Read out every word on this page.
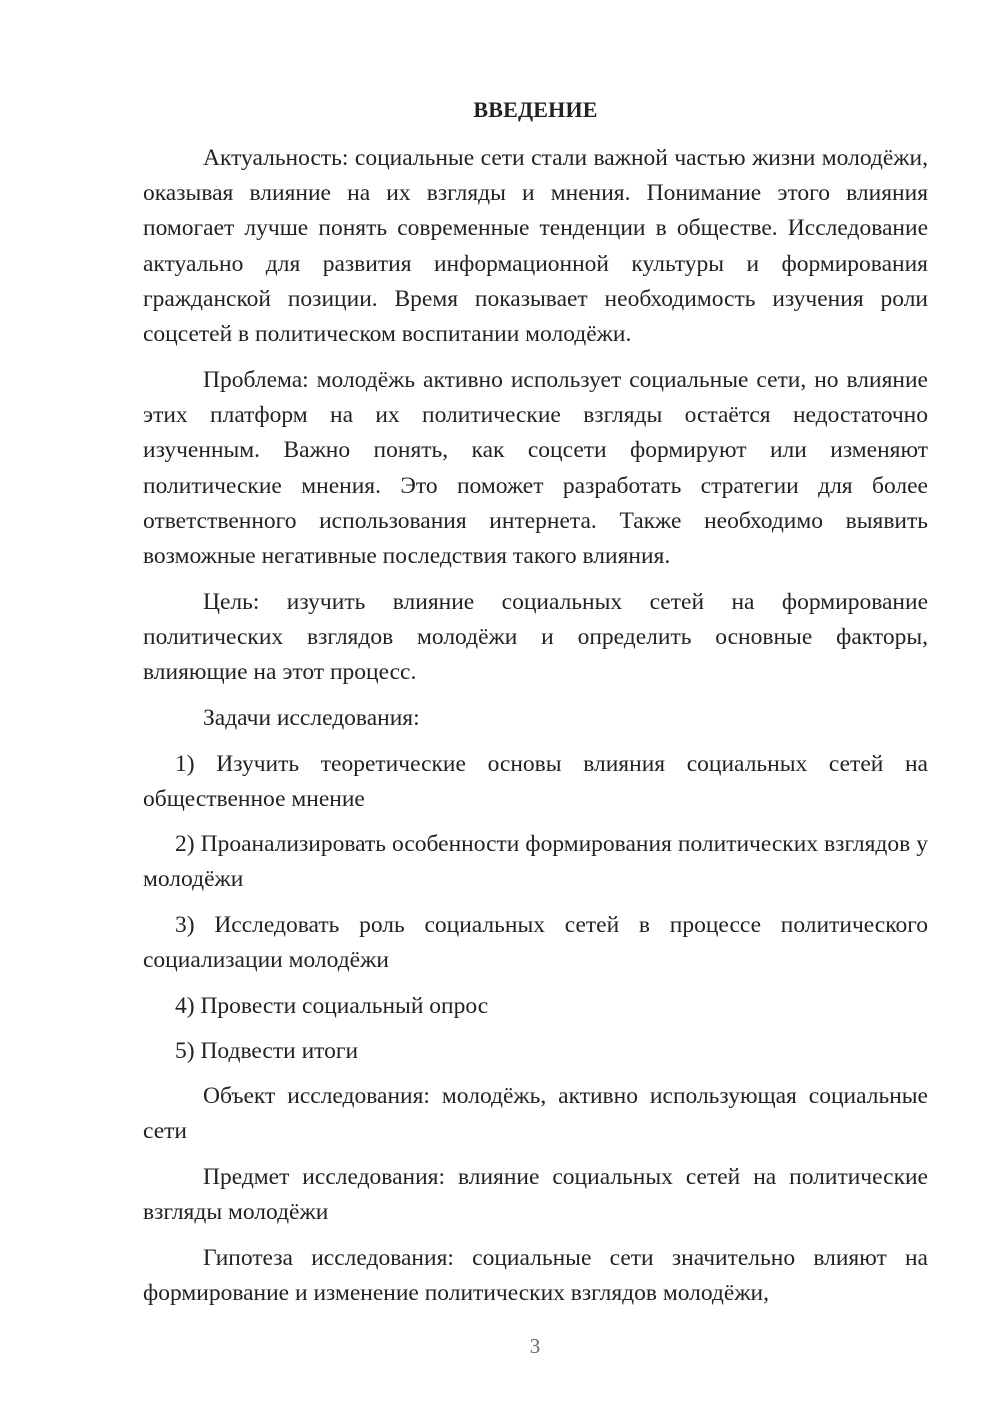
ВВЕДЕНИЕ

Актуальность: социальные сети стали важной частью жизни молодёжи, оказывая влияние на их взгляды и мнения. Понимание этого влияния помогает лучше понять современные тенденции в обществе. Исследование актуально для развития информационной культуры и формирования гражданской позиции. Время показывает необходимость изучения роли соцсетей в политическом воспитании молодёжи.

Проблема: молодёжь активно использует социальные сети, но влияние этих платформ на их политические взгляды остаётся недостаточно изученным. Важно понять, как соцсети формируют или изменяют политические мнения. Это поможет разработать стратегии для более ответственного использования интернета. Также необходимо выявить возможные негативные последствия такого влияния.

Цель: изучить влияние социальных сетей на формирование политических взглядов молодёжи и определить основные факторы, влияющие на этот процесс.

Задачи исследования:

1) Изучить теоретические основы влияния социальных сетей на общественное мнение

2) Проанализировать особенности формирования политических взглядов у молодёжи

3) Исследовать роль социальных сетей в процессе политического социализации молодёжи

4) Провести социальный опрос

5) Подвести итоги

Объект исследования: молодёжь, активно использующая социальные сети

Предмет исследования: влияние социальных сетей на политические взгляды молодёжи

Гипотеза исследования: социальные сети значительно влияют на формирование и изменение политических взглядов молодёжи,

3
